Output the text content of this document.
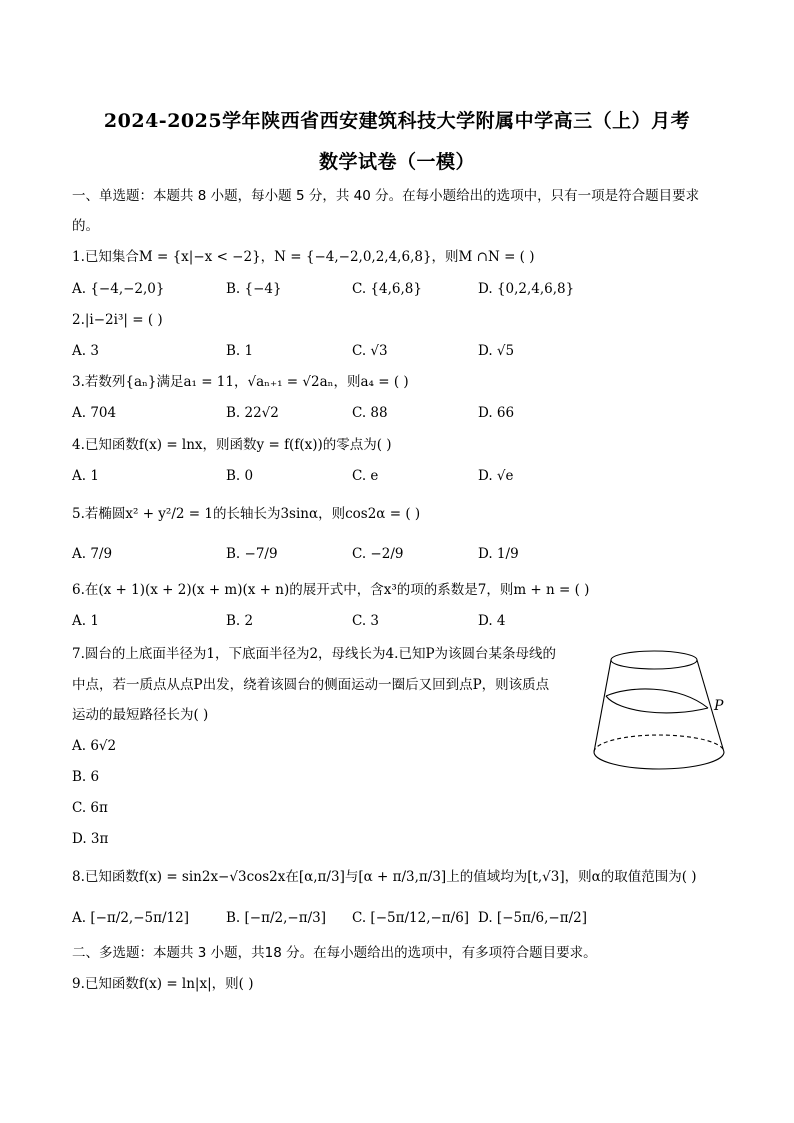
2024-2025学年陕西省西安建筑科技大学附属中学高三（上）月考
数学试卷（一模）
一、单选题：本题共 8 小题，每小题 5 分，共 40 分。在每小题给出的选项中，只有一项是符合题目要求
的。
1.已知集合M = {x|−x < −2}，N = {−4,−2,0,2,4,6,8}，则M ∩N = ( )
A. {−4,−2,0}	B. {−4}	C. {4,6,8}	D. {0,2,4,6,8}
2.|i−2i³| = ( )
A. 3	B. 1	C. √3	D. √5
3.若数列{aₙ}满足a₁ = 11，√aₙ₊₁ = √2aₙ，则a₄ = ( )
A. 704	B. 22√2	C. 88	D. 66
4.已知函数f(x) = lnx，则函数y = f(f(x))的零点为( )
A. 1	B. 0	C. e	D. √e
5.若椭圆x² + y²/2 = 1的长轴长为3sinα，则cos2α = ( )
A. 7/9	B. −7/9	C. −2/9	D. 1/9
6.在(x + 1)(x + 2)(x + m)(x + n)的展开式中，含x³的项的系数是7，则m + n = ( )
A. 1	B. 2	C. 3	D. 4
7.圆台的上底面半径为1，下底面半径为2，母线长为4.已知P为该圆台某条母线的
中点，若一质点从点P出发，绕着该圆台的侧面运动一圈后又回到点P，则该质点
运动的最短路径长为( )
A. 6√2
B. 6
C. 6π
D. 3π
P
8.已知函数f(x) = sin2x−√3cos2x在[α,π/3]与[α + π/3,π/3]上的值域均为[t,√3]，则α的取值范围为( )
A. [−π/2,−5π/12]	B. [−π/2,−π/3] C. [−5π/12,−π/6] D. [−5π/6,−π/2]
二、多选题：本题共 3 小题，共18 分。在每小题给出的选项中，有多项符合题目要求。
9.已知函数f(x) = ln|x|，则( )
